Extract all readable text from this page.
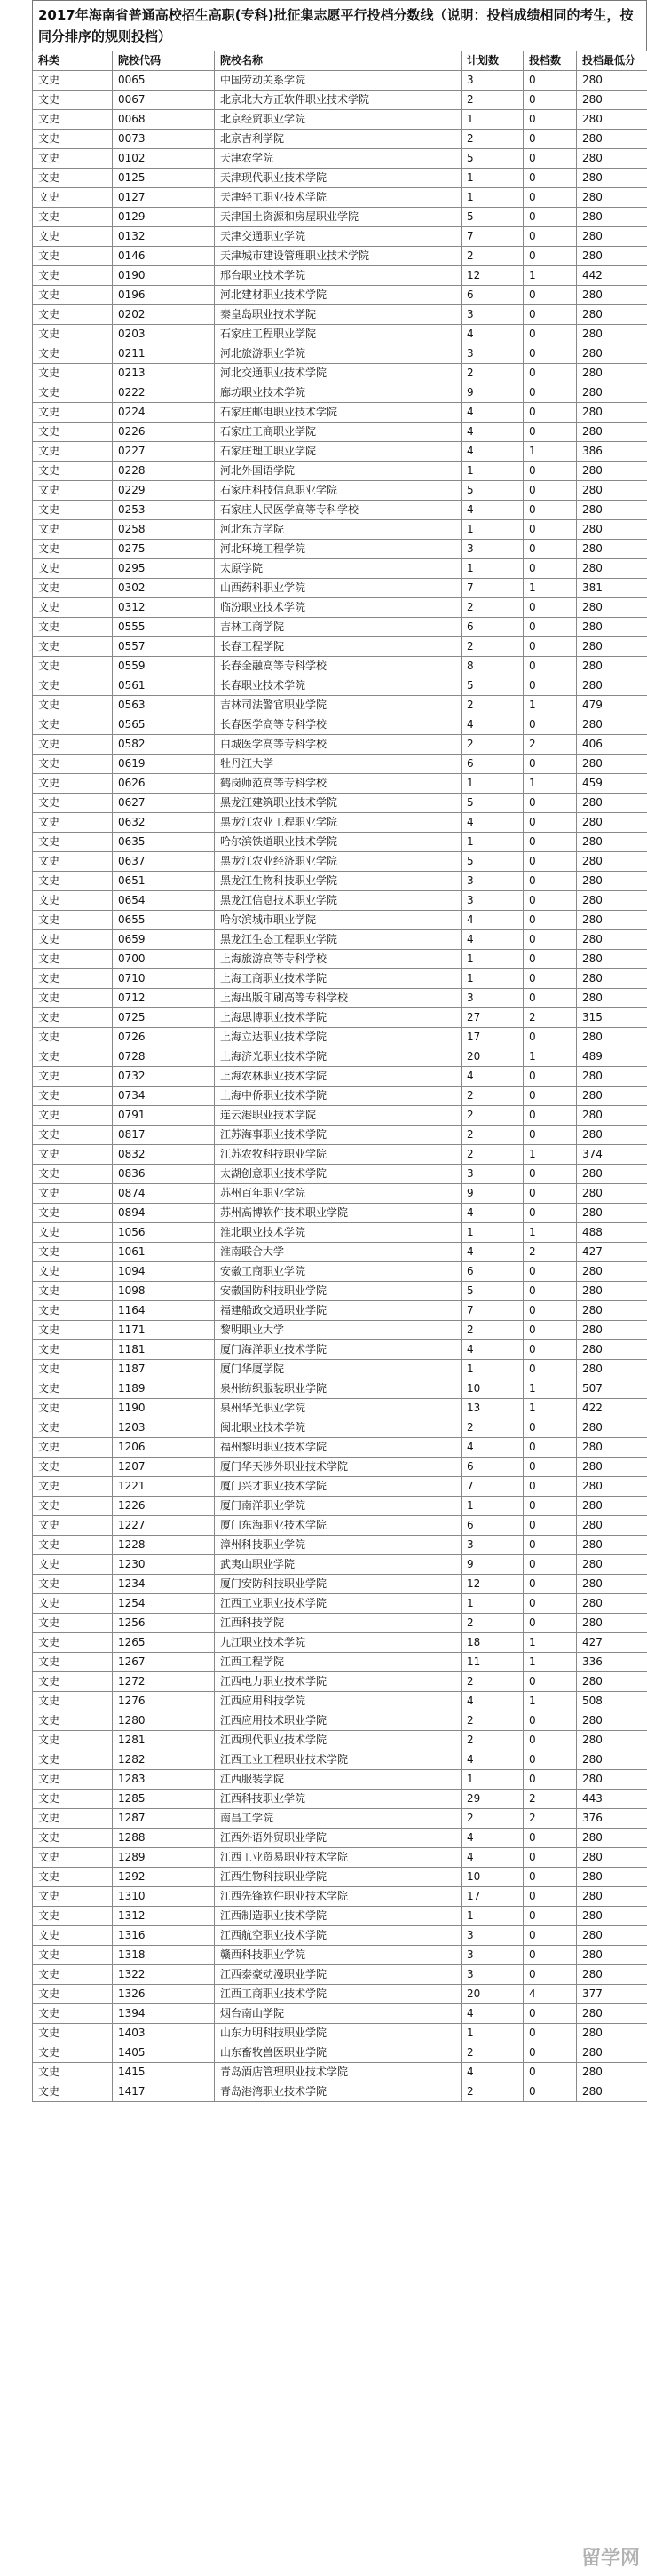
2017年海南省普通高校招生高职(专科)批征集志愿平行投档分数线（说明：投档成绩相同的考生，按同分排序的规则投档）
科类	院校代码	院校名称	计划数	投档数	投档最低分
文史	0065	中国劳动关系学院	3	0	280
文史	0067	北京北大方正软件职业技术学院	2	0	280
文史	0068	北京经贸职业学院	1	0	280
文史	0073	北京吉利学院	2	0	280
文史	0102	天津农学院	5	0	280
文史	0125	天津现代职业技术学院	1	0	280
文史	0127	天津轻工职业技术学院	1	0	280
文史	0129	天津国土资源和房屋职业学院	5	0	280
文史	0132	天津交通职业学院	7	0	280
文史	0146	天津城市建设管理职业技术学院	2	0	280
文史	0190	邢台职业技术学院	12	1	442
文史	0196	河北建材职业技术学院	6	0	280
文史	0202	秦皇岛职业技术学院	3	0	280
文史	0203	石家庄工程职业学院	4	0	280
文史	0211	河北旅游职业学院	3	0	280
文史	0213	河北交通职业技术学院	2	0	280
文史	0222	廊坊职业技术学院	9	0	280
文史	0224	石家庄邮电职业技术学院	4	0	280
文史	0226	石家庄工商职业学院	4	0	280
文史	0227	石家庄理工职业学院	4	1	386
文史	0228	河北外国语学院	1	0	280
文史	0229	石家庄科技信息职业学院	5	0	280
文史	0253	石家庄人民医学高等专科学校	4	0	280
文史	0258	河北东方学院	1	0	280
文史	0275	河北环境工程学院	3	0	280
文史	0295	太原学院	1	0	280
文史	0302	山西药科职业学院	7	1	381
文史	0312	临汾职业技术学院	2	0	280
文史	0555	吉林工商学院	6	0	280
文史	0557	长春工程学院	2	0	280
文史	0559	长春金融高等专科学校	8	0	280
文史	0561	长春职业技术学院	5	0	280
文史	0563	吉林司法警官职业学院	2	1	479
文史	0565	长春医学高等专科学校	4	0	280
文史	0582	白城医学高等专科学校	2	2	406
文史	0619	牡丹江大学	6	0	280
文史	0626	鹤岗师范高等专科学校	1	1	459
文史	0627	黑龙江建筑职业技术学院	5	0	280
文史	0632	黑龙江农业工程职业学院	4	0	280
文史	0635	哈尔滨铁道职业技术学院	1	0	280
文史	0637	黑龙江农业经济职业学院	5	0	280
文史	0651	黑龙江生物科技职业学院	3	0	280
文史	0654	黑龙江信息技术职业学院	3	0	280
文史	0655	哈尔滨城市职业学院	4	0	280
文史	0659	黑龙江生态工程职业学院	4	0	280
文史	0700	上海旅游高等专科学校	1	0	280
文史	0710	上海工商职业技术学院	1	0	280
文史	0712	上海出版印刷高等专科学校	3	0	280
文史	0725	上海思博职业技术学院	27	2	315
文史	0726	上海立达职业技术学院	17	0	280
文史	0728	上海济光职业技术学院	20	1	489
文史	0732	上海农林职业技术学院	4	0	280
文史	0734	上海中侨职业技术学院	2	0	280
文史	0791	连云港职业技术学院	2	0	280
文史	0817	江苏海事职业技术学院	2	0	280
文史	0832	江苏农牧科技职业学院	2	1	374
文史	0836	太湖创意职业技术学院	3	0	280
文史	0874	苏州百年职业学院	9	0	280
文史	0894	苏州高博软件技术职业学院	4	0	280
文史	1056	淮北职业技术学院	1	1	488
文史	1061	淮南联合大学	4	2	427
文史	1094	安徽工商职业学院	6	0	280
文史	1098	安徽国防科技职业学院	5	0	280
文史	1164	福建船政交通职业学院	7	0	280
文史	1171	黎明职业大学	2	0	280
文史	1181	厦门海洋职业技术学院	4	0	280
文史	1187	厦门华厦学院	1	0	280
文史	1189	泉州纺织服装职业学院	10	1	507
文史	1190	泉州华光职业学院	13	1	422
文史	1203	闽北职业技术学院	2	0	280
文史	1206	福州黎明职业技术学院	4	0	280
文史	1207	厦门华天涉外职业技术学院	6	0	280
文史	1221	厦门兴才职业技术学院	7	0	280
文史	1226	厦门南洋职业学院	1	0	280
文史	1227	厦门东海职业技术学院	6	0	280
文史	1228	漳州科技职业学院	3	0	280
文史	1230	武夷山职业学院	9	0	280
文史	1234	厦门安防科技职业学院	12	0	280
文史	1254	江西工业职业技术学院	1	0	280
文史	1256	江西科技学院	2	0	280
文史	1265	九江职业技术学院	18	1	427
文史	1267	江西工程学院	11	1	336
文史	1272	江西电力职业技术学院	2	0	280
文史	1276	江西应用科技学院	4	1	508
文史	1280	江西应用技术职业学院	2	0	280
文史	1281	江西现代职业技术学院	2	0	280
文史	1282	江西工业工程职业技术学院	4	0	280
文史	1283	江西服装学院	1	0	280
文史	1285	江西科技职业学院	29	2	443
文史	1287	南昌工学院	2	2	376
文史	1288	江西外语外贸职业学院	4	0	280
文史	1289	江西工业贸易职业技术学院	4	0	280
文史	1292	江西生物科技职业学院	10	0	280
文史	1310	江西先锋软件职业技术学院	17	0	280
文史	1312	江西制造职业技术学院	1	0	280
文史	1316	江西航空职业技术学院	3	0	280
文史	1318	赣西科技职业学院	3	0	280
文史	1322	江西泰豪动漫职业学院	3	0	280
文史	1326	江西工商职业技术学院	20	4	377
文史	1394	烟台南山学院	4	0	280
文史	1403	山东力明科技职业学院	1	0	280
文史	1405	山东畜牧兽医职业学院	2	0	280
文史	1415	青岛酒店管理职业技术学院	4	0	280
文史	1417	青岛港湾职业技术学院	2	0	280
留学网
